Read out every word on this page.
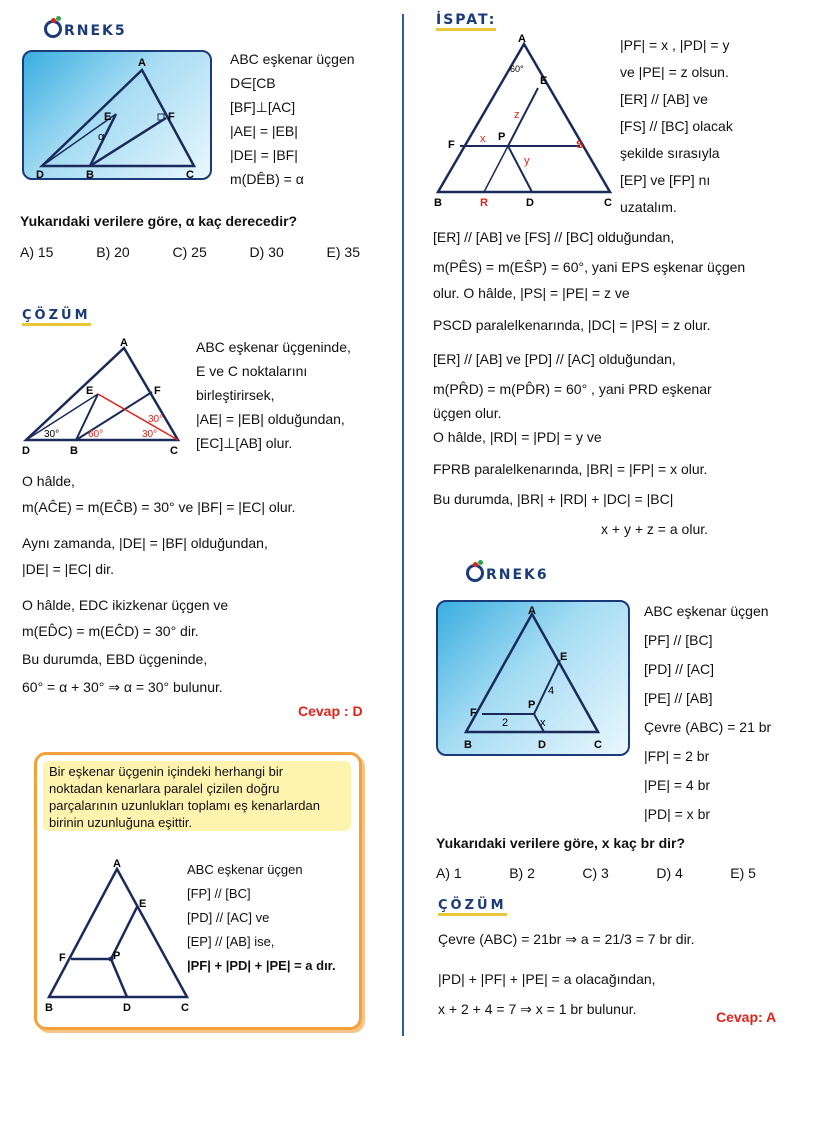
RNEK5
A
E	F
D	B	C
α
ABC eşkenar üçgen
D∈[CB
[BF]⊥[AC]
|AE| = |EB|
|DE| = |BF|
m(DÊB) = α
Yukarıdaki verilere göre, α kaç derecedir?
A) 15	B) 20	C) 25	D) 30	E) 35
ÇÖZÜM
A
E	F
D	B	C
30°	60°	30°
30°
ABC eşkenar üçgeninde,
E ve C noktalarını
birleştirirsek,
|AE| = |EB| olduğundan,
[EC]⊥[AB] olur.
O hâlde,
m(AĈE) = m(EĈB) = 30° ve |BF| = |EC| olur.
Aynı zamanda, |DE| = |BF| olduğundan,
|DE| = |EC| dir.
O hâlde, EDC ikizkenar üçgen ve
m(ED̂C) = m(EĈD) = 30° dir.
Bu durumda, EBD üçgeninde,
60° = α + 30° ⇒ α = 30° bulunur.
Cevap : D
Bir eşkenar üçgenin içindeki herhangi bir
noktadan kenarlara paralel çizilen doğru
parçalarının uzunlukları toplamı eş kenarlardan
birinin uzunluğuna eşittir.
A
E
F	P
B	D	C
ABC eşkenar üçgen
[FP] // [BC]
[PD] // [AC] ve
[EP] // [AB] ise,
|PF| + |PD| + |PE| = a dır.
İSPAT:
A
E
F
P
S
B	R	D	C
x
y
z
60°
|PF| = x , |PD| = y
ve |PE| = z olsun.
[ER] // [AB] ve
[FS] // [BC] olacak
şekilde sırasıyla
[EP] ve [FP] nı
uzatalım.
[ER] // [AB] ve [FS] // [BC] olduğundan,
m(PÊS) = m(EŜP) = 60°, yani EPS eşkenar üçgen
olur. O hâlde, |PS| = |PE| = z ve
PSCD paralelkenarında, |DC| = |PS| = z olur.
[ER] // [AB] ve [PD] // [AC] olduğundan,
m(PR̂D) = m(PD̂R) = 60° , yani PRD eşkenar
üçgen olur.
O hâlde, |RD| = |PD| = y ve
FPRB paralelkenarında, |BR| = |FP| = x olur.
Bu durumda, |BR| + |RD| + |DC| = |BC|
x + y + z = a olur.
RNEK6
A
E
F
P
B	D	C
2
4
x
ABC eşkenar üçgen
[PF] // [BC]
[PD] // [AC]
[PE] // [AB]
Çevre (ABC) = 21 br
|FP| = 2 br
|PE| = 4 br
|PD| = x br
Yukarıdaki verilere göre, x kaç br dir?
A) 1	B) 2	C) 3	D) 4	E) 5
ÇÖZÜM
Çevre (ABC) = 21br ⇒ a = 21/3 = 7 br dir.
|PD| + |PF| + |PE| = a olacağından,
x + 2 + 4 = 7 ⇒ x = 1 br bulunur.	Cevap: A
